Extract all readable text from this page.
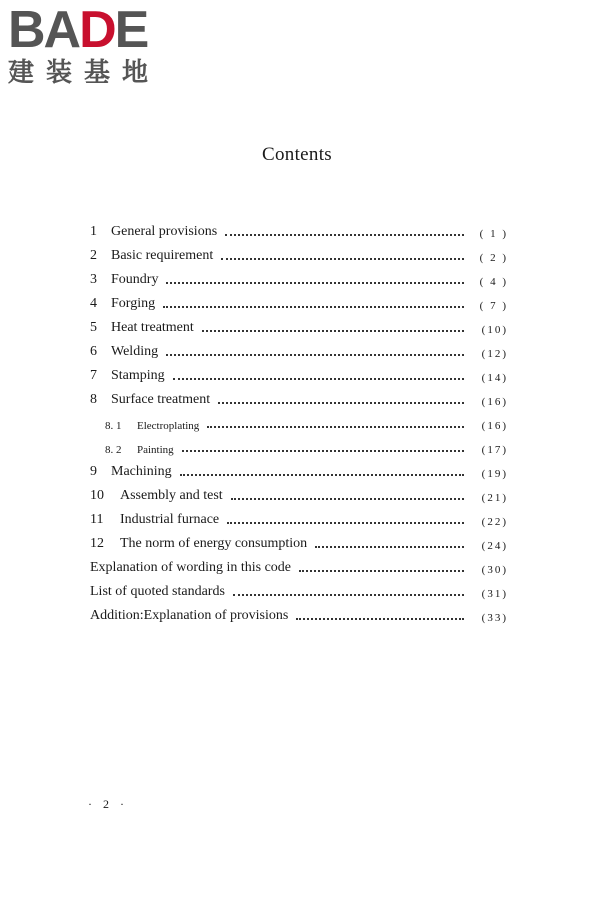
BADE
建装基地
Contents
1	General provisions	( 1 )
2	Basic requirement	( 2 )
3	Foundry	( 4 )
4	Forging	( 7 )
5	Heat treatment	(10)
6	Welding	(12)
7	Stamping	(14)
8	Surface treatment	(16)
8. 1	Electroplating	(16)
8. 2	Painting	(17)
9	Machining	(19)
10	Assembly and test	(21)
11	Industrial furnace	(22)
12	The norm of energy consumption	(24)
Explanation of wording in this code	(30)
List of quoted standards	(31)
Addition:Explanation of provisions	(33)
· 2 ·
